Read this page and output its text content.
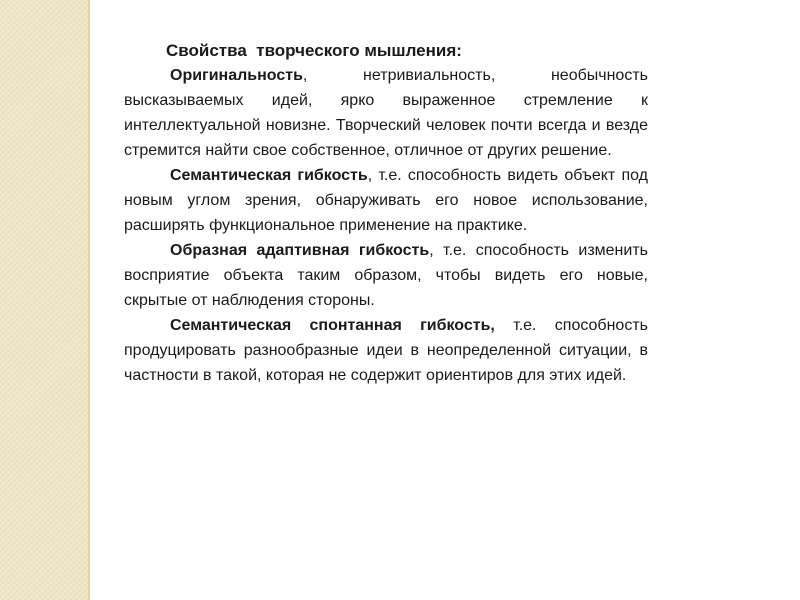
Свойства  творческого мышления:

Оригинальность, нетривиальность, необычность высказываемых идей, ярко выраженное стремление к интеллектуальной новизне. Творческий человек почти всегда и везде стремится найти свое собственное, отличное от других решение.

Семантическая гибкость, т.е. способность видеть объект под новым углом зрения, обнаруживать его новое использование, расширять функциональное применение на практике.

Образная адаптивная гибкость, т.е. способность изменить восприятие объекта таким образом, чтобы видеть его новые, скрытые от наблюдения стороны.

Семантическая спонтанная гибкость, т.е. способность продуцировать разнообразные идеи в неопределенной ситуации, в частности в такой, которая не содержит ориентиров для этих идей.
